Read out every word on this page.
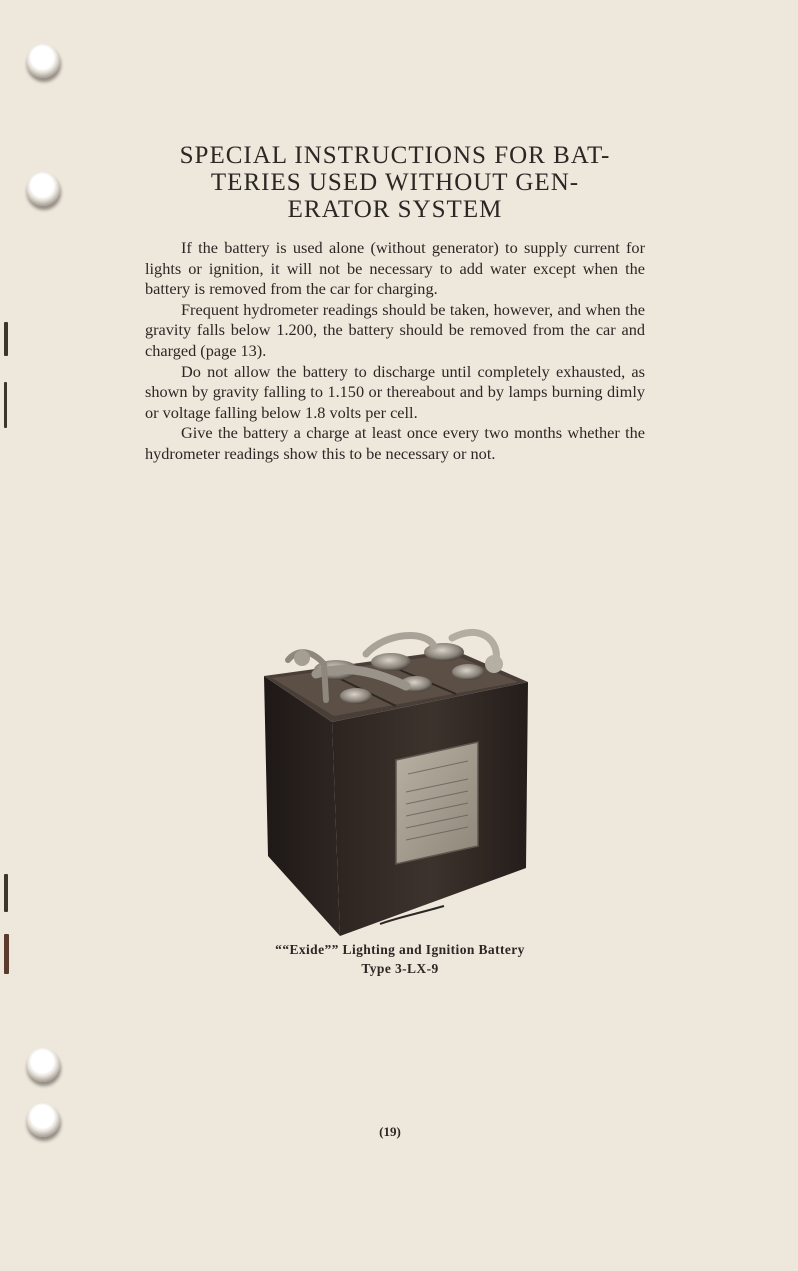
SPECIAL INSTRUCTIONS FOR BAT-
TERIES USED WITHOUT GEN-
ERATOR SYSTEM

If the battery is used alone (without generator) to supply current for lights or ignition, it will not be necessary to add water except when the battery is removed from the car for charging.

Frequent hydrometer readings should be taken, however, and when the gravity falls below 1.200, the battery should be removed from the car and charged (page 13).

Do not allow the battery to discharge until completely exhausted, as shown by gravity falling to 1.150 or thereabout and by lamps burning dimly or voltage falling below 1.8 volts per cell.

Give the battery a charge at least once every two months whether the hydrometer readings show this to be necessary or not.

““Exide”” Lighting and Ignition Battery
Type 3-LX-9
(19)
